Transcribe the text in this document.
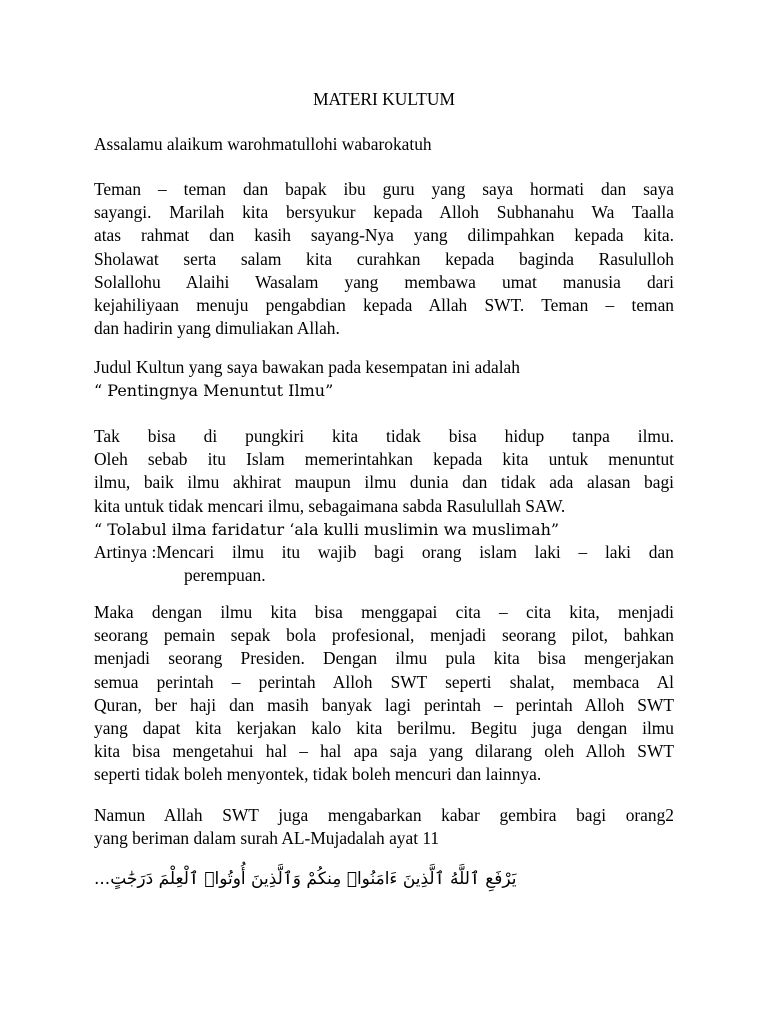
MATERI KULTUM
Assalamu alaikum warohmatullohi wabarokatuh
Teman – teman dan bapak ibu guru yang saya hormati dan saya
sayangi. Marilah kita bersyukur kepada Alloh Subhanahu Wa Taalla
atas rahmat dan kasih sayang-Nya yang dilimpahkan kepada kita.
Sholawat serta salam kita curahkan kepada baginda Rasululloh
Solallohu Alaihi Wasalam yang membawa umat manusia dari
kejahiliyaan menuju pengabdian kepada Allah SWT. Teman – teman
dan hadirin yang dimuliakan Allah.
Judul Kultun yang saya bawakan pada kesempatan ini adalah
“ Pentingnya Menuntut Ilmu”
Tak bisa di pungkiri kita tidak bisa hidup tanpa ilmu.
Oleh sebab itu Islam memerintahkan kepada kita untuk menuntut
ilmu, baik ilmu akhirat maupun ilmu dunia dan tidak ada alasan bagi
kita untuk tidak mencari ilmu, sebagaimana sabda Rasulullah SAW.
“ Tolabul ilma faridatur ‘ala kulli muslimin wa muslimah”
Artinya : Mencari ilmu itu wajib bagi orang islam laki – laki dan
perempuan.
Maka dengan ilmu kita bisa menggapai cita – cita kita, menjadi
seorang pemain sepak bola profesional, menjadi seorang pilot, bahkan
menjadi seorang Presiden. Dengan ilmu pula kita bisa mengerjakan
semua perintah – perintah Alloh SWT seperti shalat, membaca Al
Quran, ber haji dan masih banyak lagi perintah – perintah Alloh SWT
yang dapat kita kerjakan kalo kita berilmu. Begitu juga dengan ilmu
kita bisa mengetahui hal – hal apa saja yang dilarang oleh Alloh SWT
seperti tidak boleh menyontek, tidak boleh mencuri dan lainnya.
Namun Allah SWT juga mengabarkan kabar gembira bagi orang2
yang beriman dalam surah AL-Mujadalah ayat 11
يَرْفَعِ ٱللَّهُ ٱلَّذِينَ ءَامَنُوا۟ مِنكُمْ وَٱلَّذِينَ أُوتُوا۟ ٱلْعِلْمَ دَرَجَٰتٍ...
